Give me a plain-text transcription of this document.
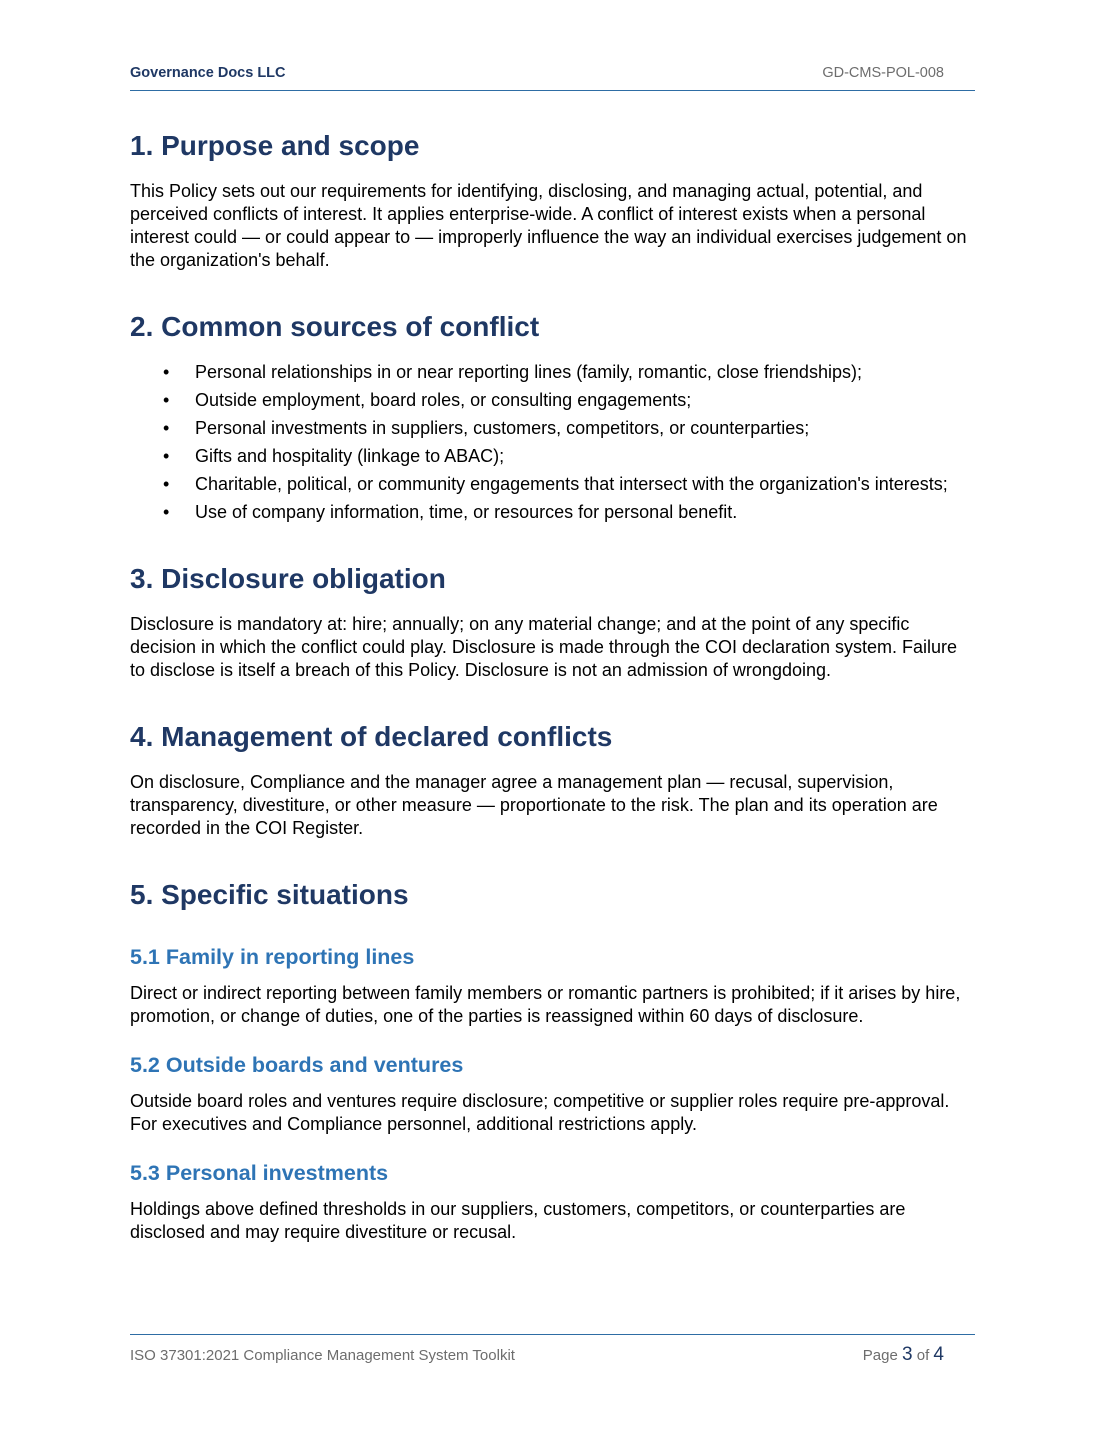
Governance Docs LLC	GD-CMS-POL-008
1. Purpose and scope

This Policy sets out our requirements for identifying, disclosing, and managing actual, potential, and perceived conflicts of interest. It applies enterprise-wide. A conflict of interest exists when a personal interest could — or could appear to — improperly influence the way an individual exercises judgement on the organization's behalf.

2. Common sources of conflict
• Personal relationships in or near reporting lines (family, romantic, close friendships);
• Outside employment, board roles, or consulting engagements;
• Personal investments in suppliers, customers, competitors, or counterparties;
• Gifts and hospitality (linkage to ABAC);
• Charitable, political, or community engagements that intersect with the organization's interests;
• Use of company information, time, or resources for personal benefit.
3. Disclosure obligation

Disclosure is mandatory at: hire; annually; on any material change; and at the point of any specific decision in which the conflict could play. Disclosure is made through the COI declaration system. Failure to disclose is itself a breach of this Policy. Disclosure is not an admission of wrongdoing.

4. Management of declared conflicts

On disclosure, Compliance and the manager agree a management plan — recusal, supervision, transparency, divestiture, or other measure — proportionate to the risk. The plan and its operation are recorded in the COI Register.

5. Specific situations
5.1 Family in reporting lines

Direct or indirect reporting between family members or romantic partners is prohibited; if it arises by hire, promotion, or change of duties, one of the parties is reassigned within 60 days of disclosure.

5.2 Outside boards and ventures

Outside board roles and ventures require disclosure; competitive or supplier roles require pre-approval. For executives and Compliance personnel, additional restrictions apply.

5.3 Personal investments

Holdings above defined thresholds in our suppliers, customers, competitors, or counterparties are disclosed and may require divestiture or recusal.

ISO 37301:2021 Compliance Management System Toolkit	Page 3 of 4
